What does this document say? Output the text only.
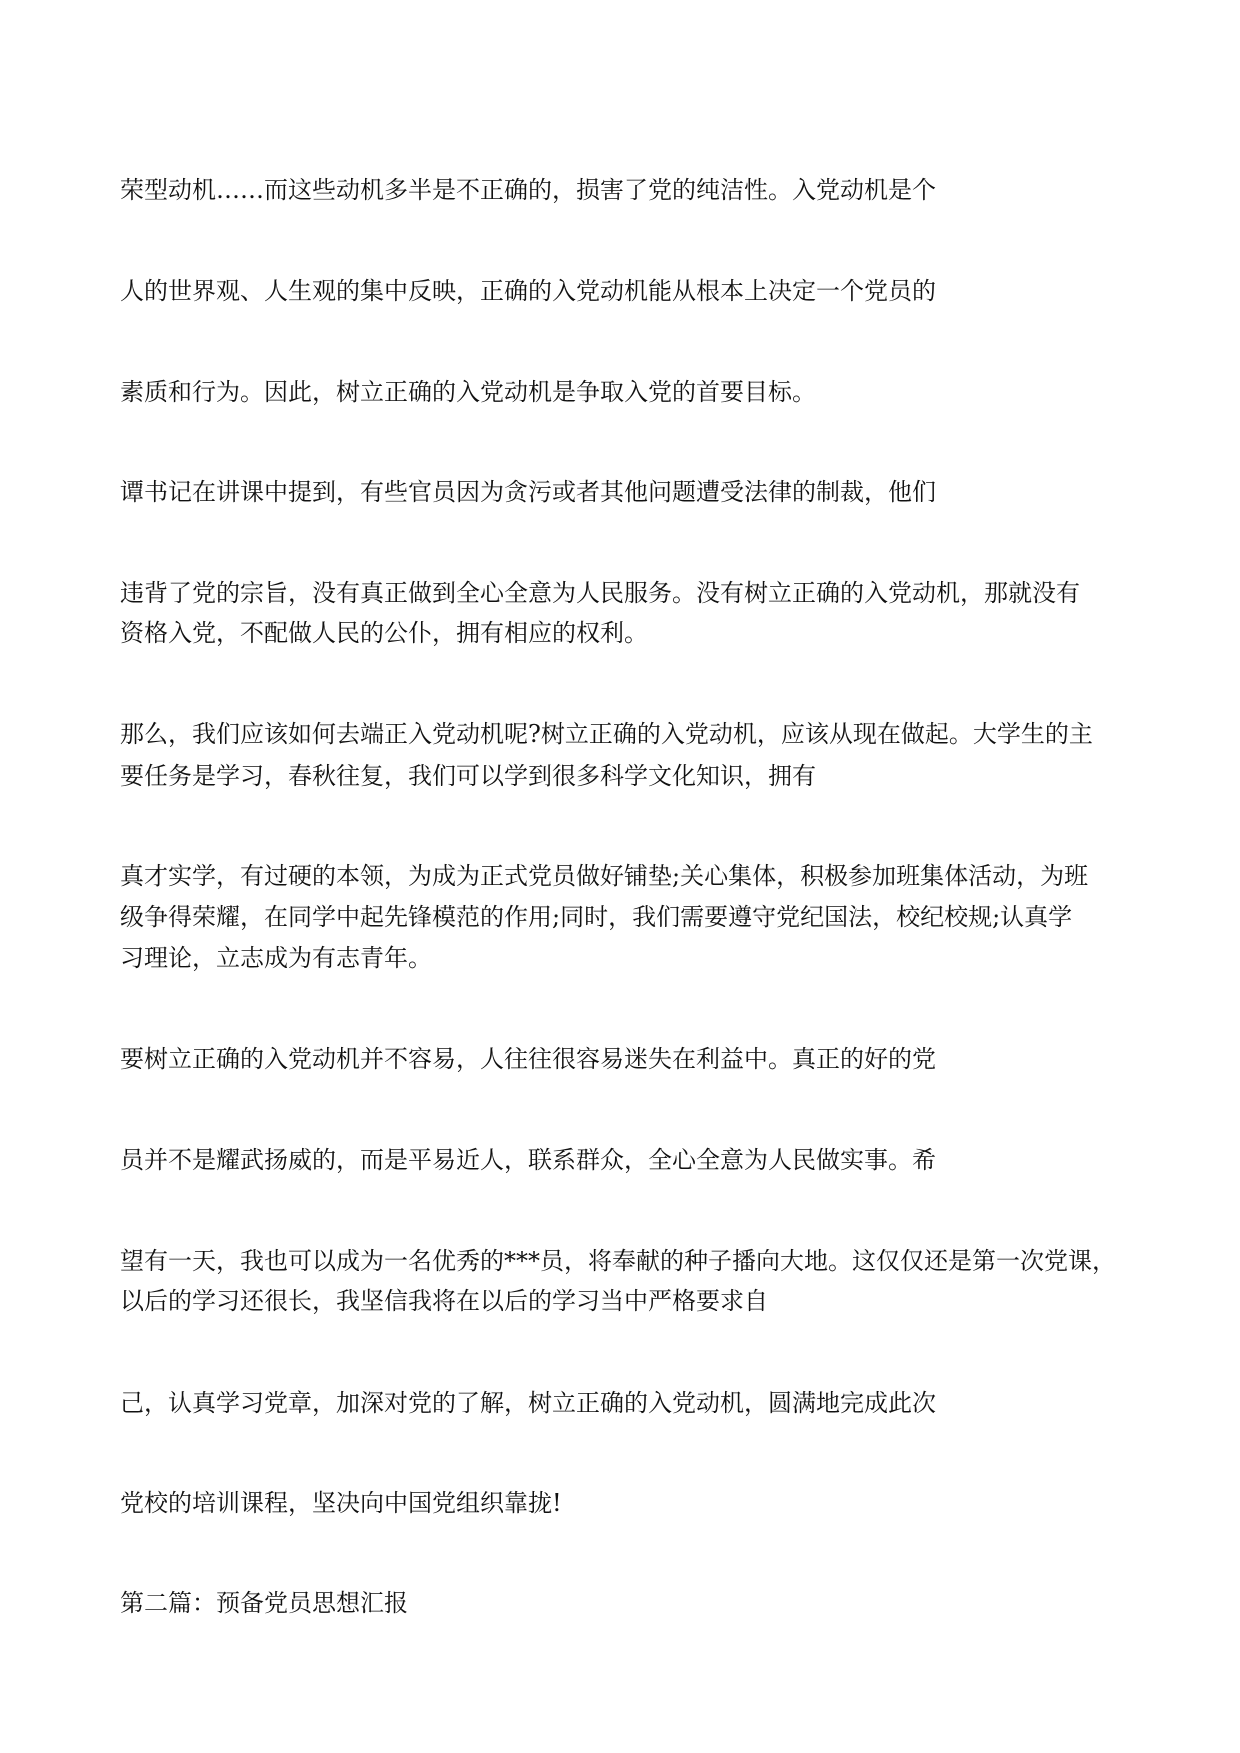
荣型动机……而这些动机多半是不正确的，损害了党的纯洁性。入党动机是个
人的世界观、人生观的集中反映，正确的入党动机能从根本上决定一个党员的
素质和行为。因此，树立正确的入党动机是争取入党的首要目标。
谭书记在讲课中提到，有些官员因为贪污或者其他问题遭受法律的制裁，他们
违背了党的宗旨，没有真正做到全心全意为人民服务。没有树立正确的入党动机，那就没有
资格入党，不配做人民的公仆，拥有相应的权利。
那么，我们应该如何去端正入党动机呢?树立正确的入党动机，应该从现在做起。大学生的主
要任务是学习，春秋往复，我们可以学到很多科学文化知识，拥有
真才实学，有过硬的本领，为成为正式党员做好铺垫;关心集体，积极参加班集体活动，为班
级争得荣耀，在同学中起先锋模范的作用;同时，我们需要遵守党纪国法，校纪校规;认真学
习理论，立志成为有志青年。
要树立正确的入党动机并不容易，人往往很容易迷失在利益中。真正的好的党
员并不是耀武扬威的，而是平易近人，联系群众，全心全意为人民做实事。希
望有一天，我也可以成为一名优秀的***员，将奉献的种子播向大地。这仅仅还是第一次党课，
以后的学习还很长，我坚信我将在以后的学习当中严格要求自
己，认真学习党章，加深对党的了解，树立正确的入党动机，圆满地完成此次
党校的培训课程，坚决向中国党组织靠拢!
第二篇：预备党员思想汇报
